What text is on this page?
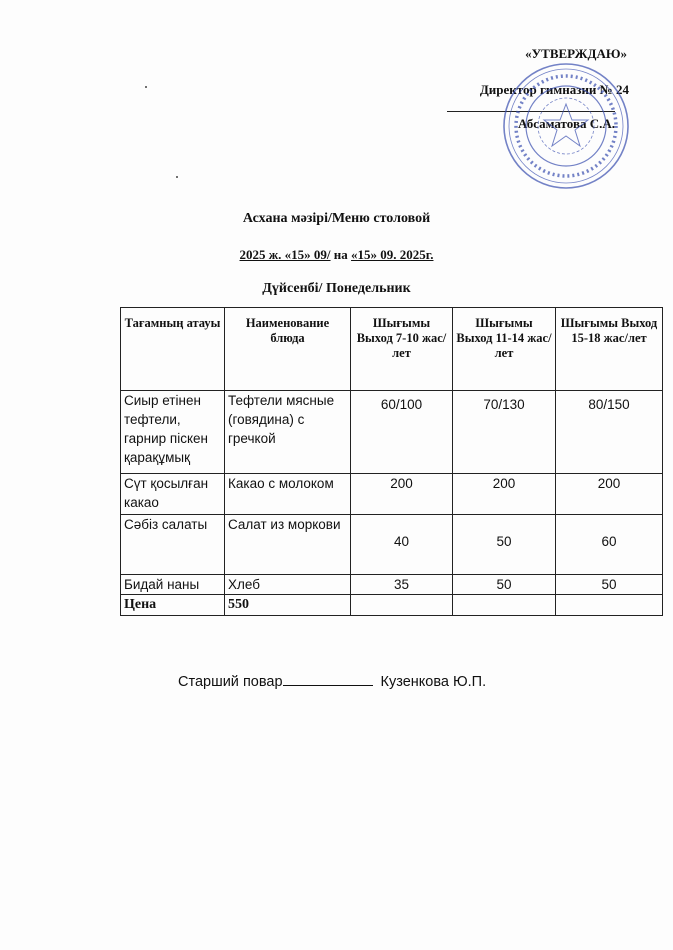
«УТВЕРЖДАЮ»
Директор гимназии № 24
Абсаматова С.А.
Асхана мәзірі/Меню столовой
2025 ж. «15» 09/ на «15» 09. 2025г.
Дүйсенбі/ Понедельник
Тағамның атауы	Наименование блюда	Шығымы Выход 7-10 жас/лет	Шығымы Выход 11-14 жас/лет	Шығымы Выход 15-18 жас/лет
Сиыр етінен тефтели, гарнир піскен қарақұмық	Тефтели мясные (говядина) с гречкой	60/100	70/130	80/150
Сүт қосылған какао	Какао с молоком	200	200	200
Сәбіз салаты	Салат из моркови	40	50	60
Бидай наны	Хлеб	35	50	50
Цена	550			
Старший повар	Кузенкова Ю.П.
